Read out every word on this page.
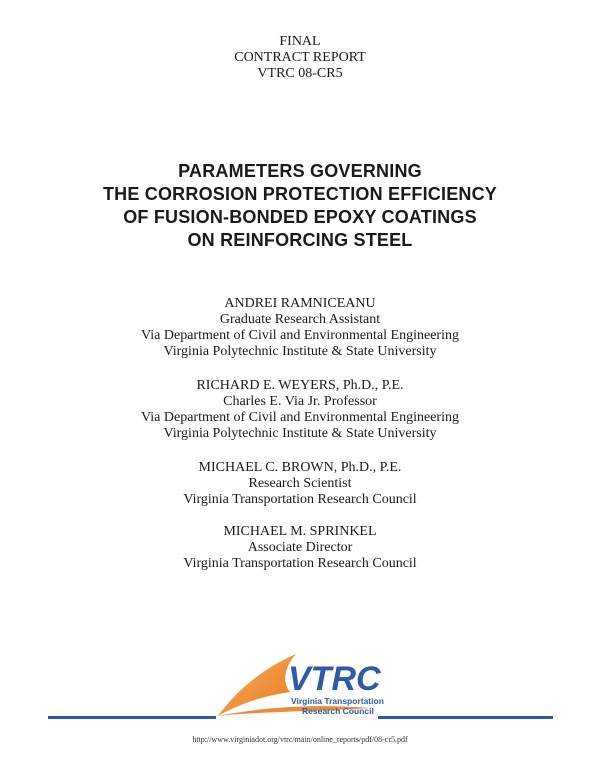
FINAL
CONTRACT REPORT
VTRC 08-CR5
PARAMETERS GOVERNING
THE CORROSION PROTECTION EFFICIENCY
OF FUSION-BONDED EPOXY COATINGS
ON REINFORCING STEEL
ANDREI RAMNICEANU
Graduate Research Assistant
Via Department of Civil and Environmental Engineering
Virginia Polytechnic Institute & State University
RICHARD E. WEYERS, Ph.D., P.E.
Charles E. Via Jr. Professor
Via Department of Civil and Environmental Engineering
Virginia Polytechnic Institute & State University
MICHAEL C. BROWN, Ph.D., P.E.
Research Scientist
Virginia Transportation Research Council
MICHAEL M. SPRINKEL
Associate Director
Virginia Transportation Research Council
VTRC
Virginia Transportation
Research Council
http://www.virginiadot.org/vtrc/main/online_reports/pdf/08-cr5.pdf
